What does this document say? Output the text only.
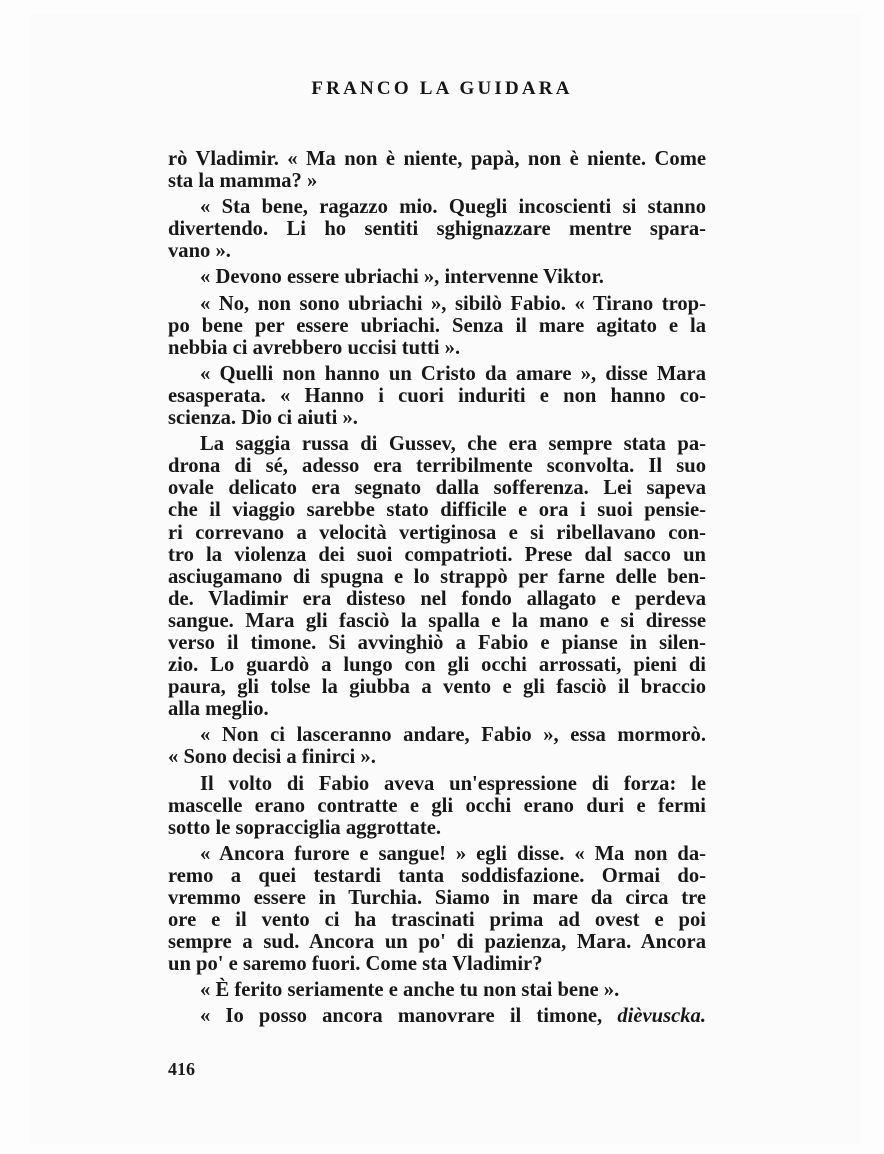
FRANCO LA GUIDARA

rò Vladimir. « Ma non è niente, papà, non è niente. Come
sta la mamma? »

« Sta bene, ragazzo mio. Quegli incoscienti si stanno
divertendo. Li ho sentiti sghignazzare mentre spara-
vano ».

« Devono essere ubriachi », intervenne Viktor.

« No, non sono ubriachi », sibilò Fabio. « Tirano trop-
po bene per essere ubriachi. Senza il mare agitato e la
nebbia ci avrebbero uccisi tutti ».

« Quelli non hanno un Cristo da amare », disse Mara
esasperata. « Hanno i cuori induriti e non hanno co-
scienza. Dio ci aiuti ».

La saggia russa di Gussev, che era sempre stata pa-
drona di sé, adesso era terribilmente sconvolta. Il suo
ovale delicato era segnato dalla sofferenza. Lei sapeva
che il viaggio sarebbe stato difficile e ora i suoi pensie-
ri correvano a velocità vertiginosa e si ribellavano con-
tro la violenza dei suoi compatrioti. Prese dal sacco un
asciugamano di spugna e lo strappò per farne delle ben-
de. Vladimir era disteso nel fondo allagato e perdeva
sangue. Mara gli fasciò la spalla e la mano e si diresse
verso il timone. Si avvinghiò a Fabio e pianse in silen-
zio. Lo guardò a lungo con gli occhi arrossati, pieni di
paura, gli tolse la giubba a vento e gli fasciò il braccio
alla meglio.

« Non ci lasceranno andare, Fabio », essa mormorò.
« Sono decisi a finirci ».

Il volto di Fabio aveva un'espressione di forza: le
mascelle erano contratte e gli occhi erano duri e fermi
sotto le sopracciglia aggrottate.

« Ancora furore e sangue! » egli disse. « Ma non da-
remo a quei testardi tanta soddisfazione. Ormai do-
vremmo essere in Turchia. Siamo in mare da circa tre
ore e il vento ci ha trascinati prima ad ovest e poi
sempre a sud. Ancora un po' di pazienza, Mara. Ancora
un po' e saremo fuori. Come sta Vladimir?

« È ferito seriamente e anche tu non stai bene ».

« Io posso ancora manovrare il timone, dièvuscka.

416
